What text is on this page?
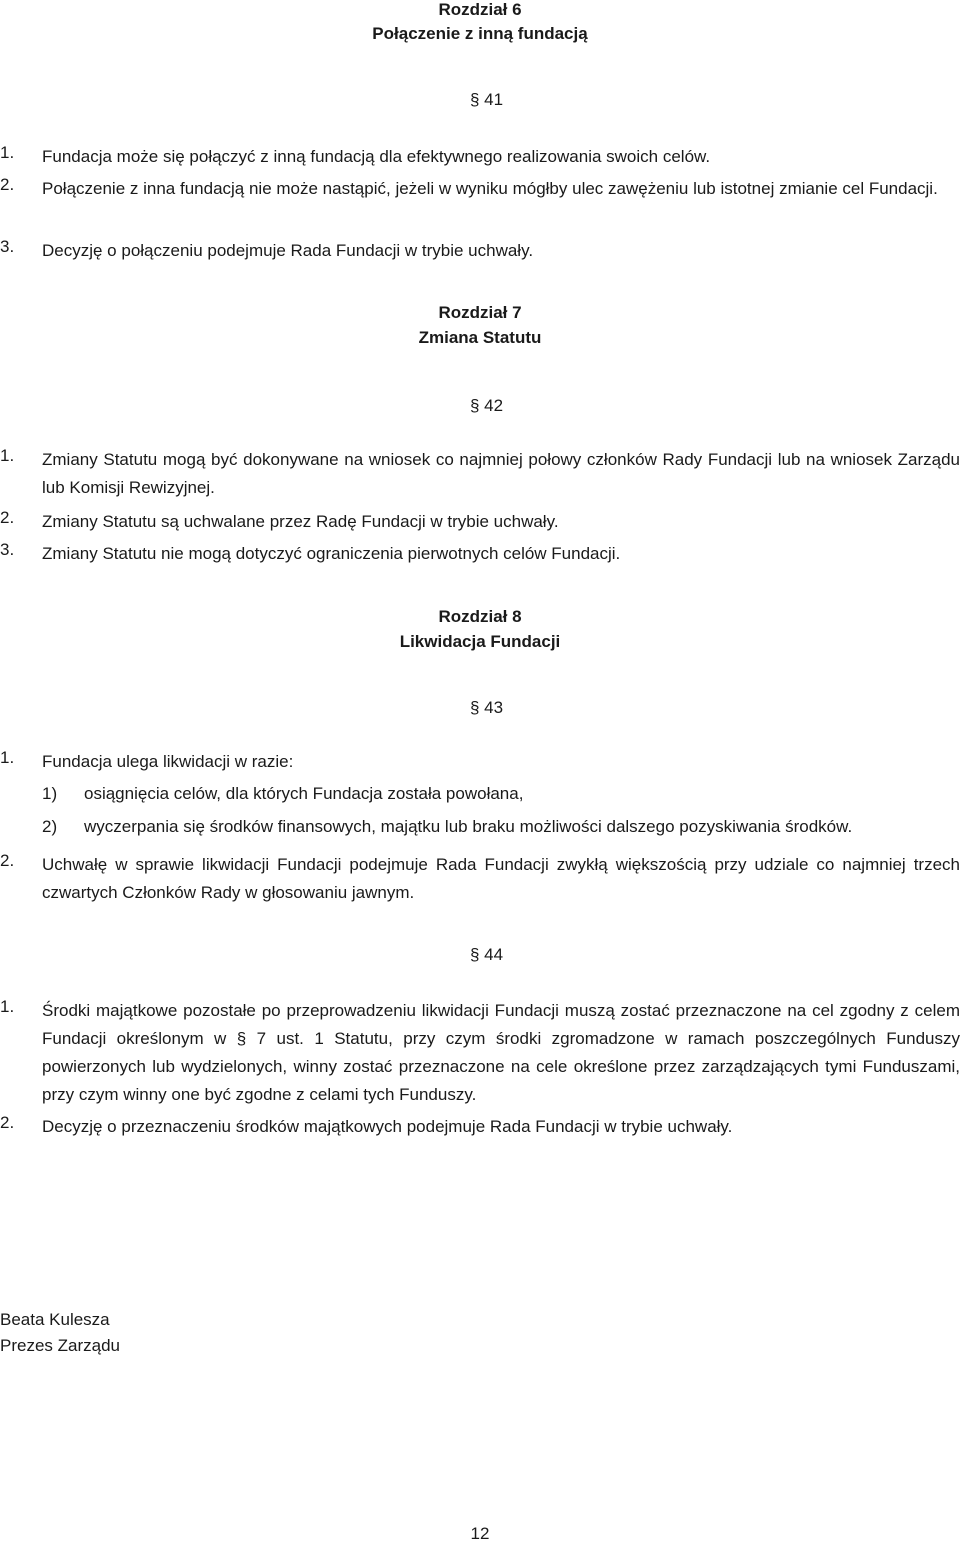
Rozdział 6
Połączenie z inną fundacją
§ 41
1. Fundacja może się połączyć z inną fundacją dla efektywnego realizowania swoich celów.

2. Połączenie z inna fundacją nie może nastąpić, jeżeli w wyniku mógłby ulec zawężeniu lub istotnej zmianie cel Fundacji.

3. Decyzję o połączeniu podejmuje Rada Fundacji w trybie uchwały.

Rozdział 7
Zmiana Statutu
§ 42
1. Zmiany Statutu mogą być dokonywane na wniosek co najmniej połowy członków Rady Fundacji lub na wniosek Zarządu lub Komisji Rewizyjnej.

2. Zmiany Statutu są uchwalane przez Radę Fundacji w trybie uchwały.

3. Zmiany Statutu nie mogą dotyczyć ograniczenia pierwotnych celów Fundacji.

Rozdział 8
Likwidacja Fundacji
§ 43
1. Fundacja ulega likwidacji w razie:

1) osiągnięcia celów, dla których Fundacja została powołana,
2) wyczerpania się środków finansowych, majątku lub braku możliwości dalszego pozyskiwania środków.
2. Uchwałę w sprawie likwidacji Fundacji podejmuje Rada Fundacji zwykłą większością przy udziale co najmniej trzech czwartych Członków Rady w głosowaniu jawnym.

§ 44
1. Środki majątkowe pozostałe po przeprowadzeniu likwidacji Fundacji muszą zostać przeznaczone na cel zgodny z celem Fundacji określonym w § 7 ust. 1 Statutu, przy czym środki zgromadzone w ramach poszczególnych Funduszy powierzonych lub wydzielonych, winny zostać przeznaczone na cele określone przez zarządzających tymi Funduszami, przy czym winny one być zgodne z celami tych Funduszy.

2. Decyzję o przeznaczeniu środków majątkowych podejmuje Rada Fundacji w trybie uchwały.

Beata Kulesza
Prezes Zarządu
12
